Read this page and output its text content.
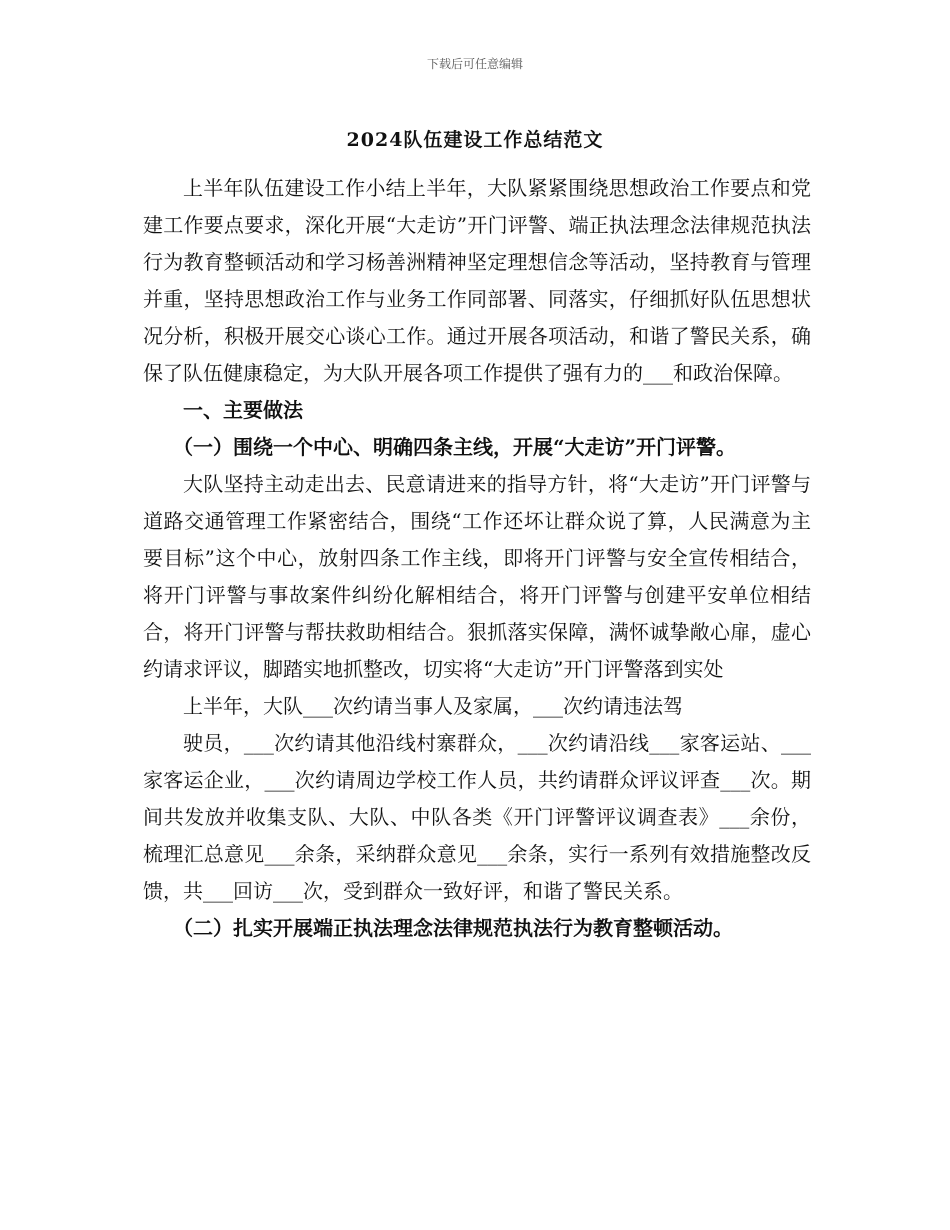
下载后可任意编辑
2024队伍建设工作总结范文

上半年队伍建设工作小结上半年，大队紧紧围绕思想政治工作要点和党建工作要点要求，深化开展“大走访”开门评警、端正执法理念法律规范执法行为教育整顿活动和学习杨善洲精神坚定理想信念等活动，坚持教育与管理并重，坚持思想政治工作与业务工作同部署、同落实，仔细抓好队伍思想状况分析，积极开展交心谈心工作。通过开展各项活动，和谐了警民关系，确保了队伍健康稳定，为大队开展各项工作提供了强有力的___和政治保障。

一、主要做法

（一）围绕一个中心、明确四条主线，开展“大走访”开门评警。

大队坚持主动走出去、民意请进来的指导方针，将“大走访”开门评警与道路交通管理工作紧密结合，围绕“工作还坏让群众说了算，人民满意为主要目标”这个中心，放射四条工作主线，即将开门评警与安全宣传相结合，将开门评警与事故案件纠纷化解相结合，将开门评警与创建平安单位相结合，将开门评警与帮扶救助相结合。狠抓落实保障，满怀诚挚敞心扉，虚心约请求评议，脚踏实地抓整改，切实将“大走访”开门评警落到实处

上半年，大队___次约请当事人及家属，___次约请违法驾

驶员，___次约请其他沿线村寨群众，___次约请沿线___家客运站、___家客运企业，___次约请周边学校工作人员，共约请群众评议评查___次。期间共发放并收集支队、大队、中队各类《开门评警评议调查表》___余份，梳理汇总意见___余条，采纳群众意见___余条，实行一系列有效措施整改反馈，共___回访___次，受到群众一致好评，和谐了警民关系。

（二）扎实开展端正执法理念法律规范执法行为教育整顿活动。
